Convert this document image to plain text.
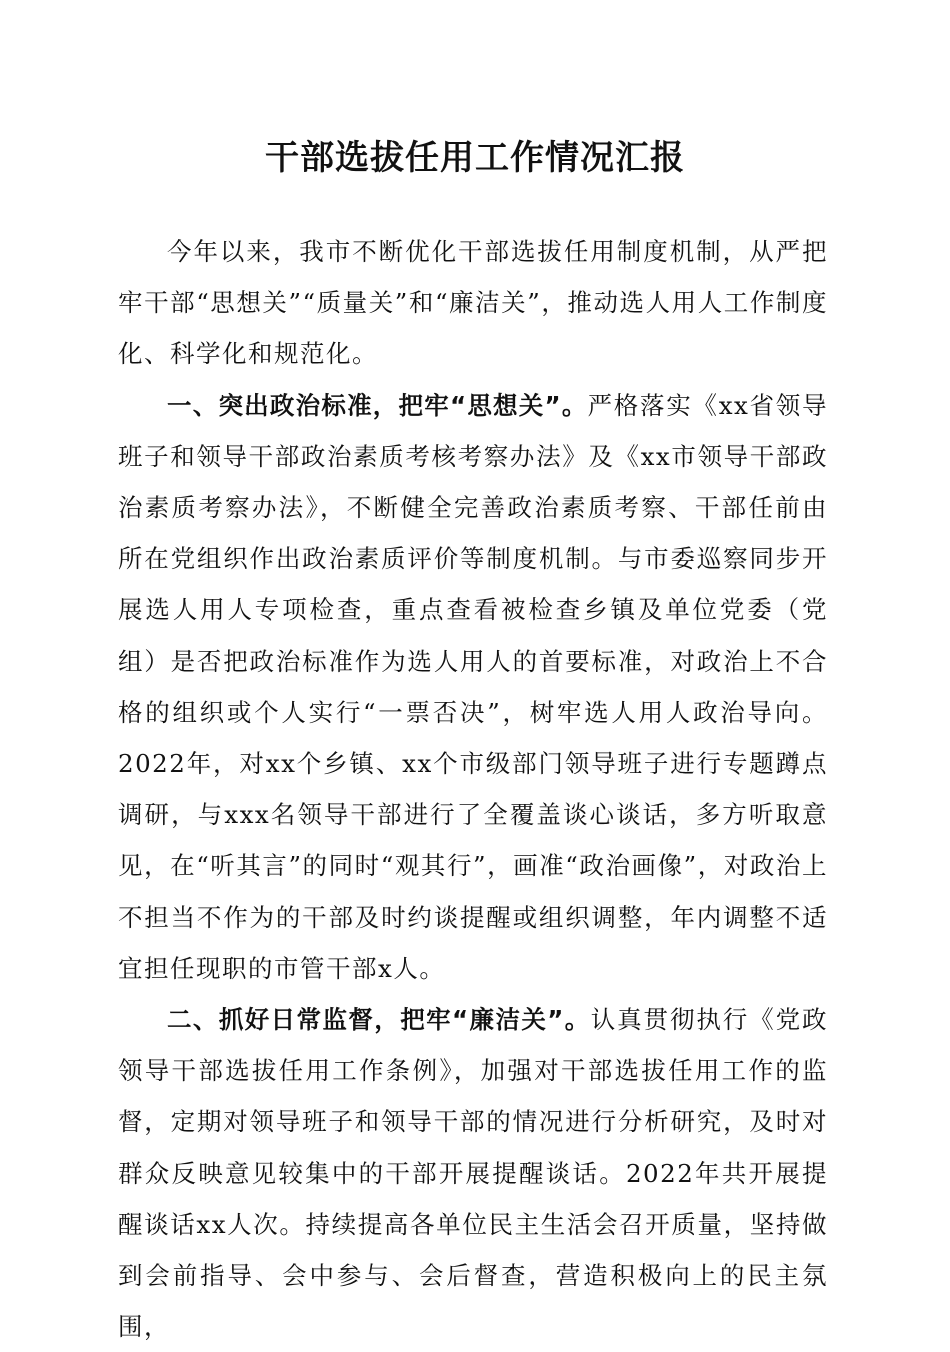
干部选拔任用工作情况汇报

今年以来，我市不断优化干部选拔任用制度机制，从严把牢干部“思想关”“质量关”和“廉洁关”，推动选人用人工作制度化、科学化和规范化。

一、突出政治标准，把牢“思想关”。严格落实《xx省领导班子和领导干部政治素质考核考察办法》及《xx市领导干部政治素质考察办法》，不断健全完善政治素质考察、干部任前由所在党组织作出政治素质评价等制度机制。与市委巡察同步开展选人用人专项检查，重点查看被检查乡镇及单位党委（党组）是否把政治标准作为选人用人的首要标准，对政治上不合格的组织或个人实行“一票否决”，树牢选人用人政治导向。2022年，对xx个乡镇、xx个市级部门领导班子进行专题蹲点调研，与xxx名领导干部进行了全覆盖谈心谈话，多方听取意见，在“听其言”的同时“观其行”，画准“政治画像”，对政治上不担当不作为的干部及时约谈提醒或组织调整，年内调整不适宜担任现职的市管干部x人。

二、抓好日常监督，把牢“廉洁关”。认真贯彻执行《党政领导干部选拔任用工作条例》，加强对干部选拔任用工作的监督，定期对领导班子和领导干部的情况进行分析研究，及时对群众反映意见较集中的干部开展提醒谈话。2022年共开展提醒谈话xx人次。持续提高各单位民主生活会召开质量，坚持做到会前指导、会中参与、会后督查，营造积极向上的民主氛围，
